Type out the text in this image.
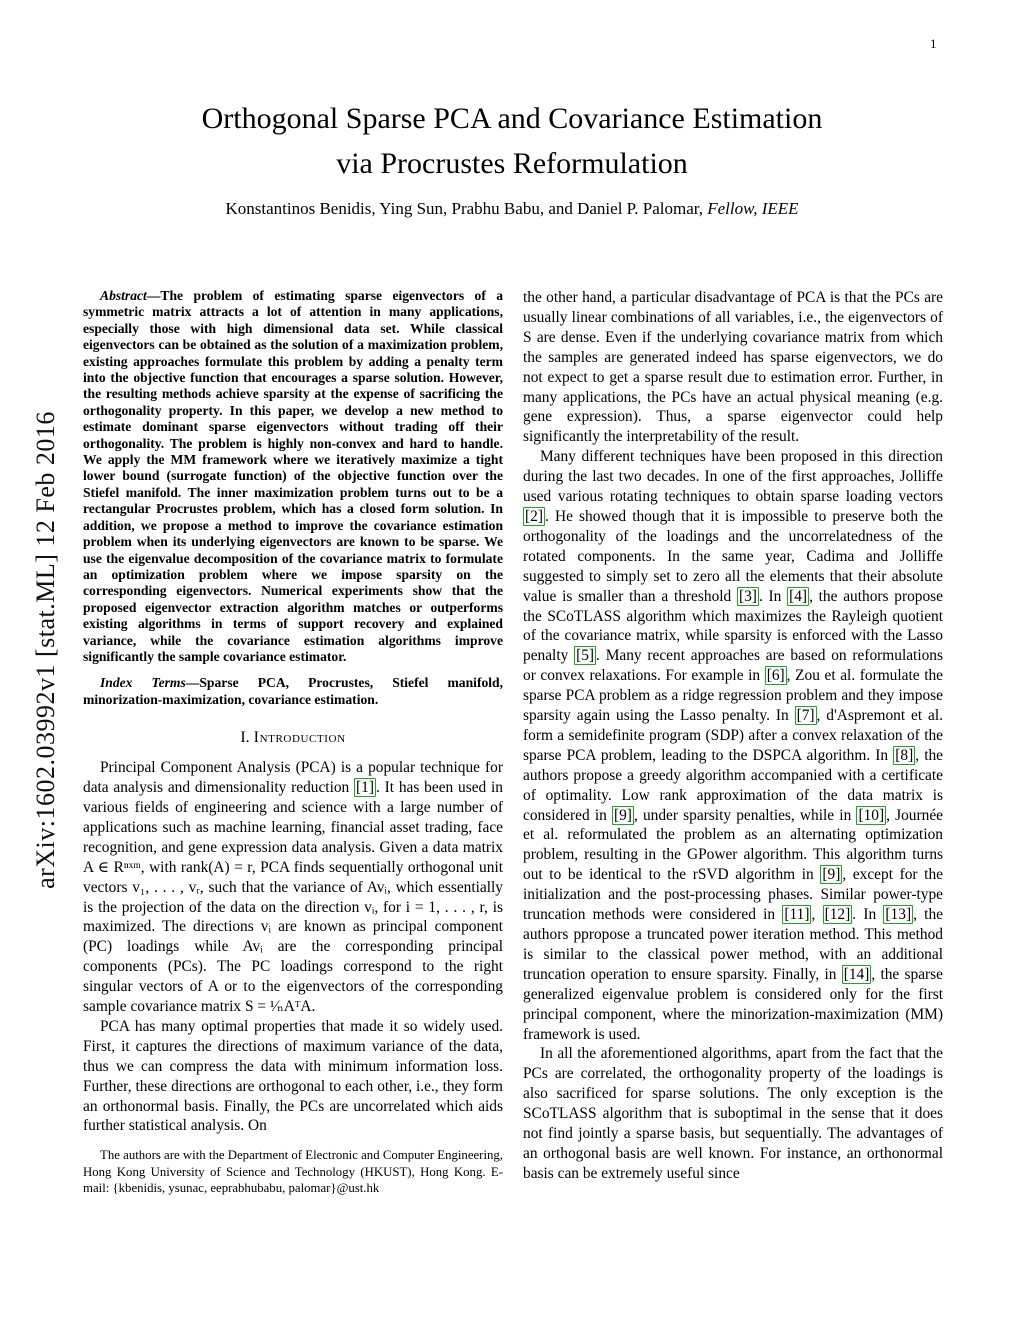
1
arXiv:1602.03992v1 [stat.ML] 12 Feb 2016
Orthogonal Sparse PCA and Covariance Estimation
via Procrustes Reformulation
Konstantinos Benidis, Ying Sun, Prabhu Babu, and Daniel P. Palomar, Fellow, IEEE

Abstract—The problem of estimating sparse eigenvectors of a symmetric matrix attracts a lot of attention in many applications, especially those with high dimensional data set. While classical eigenvectors can be obtained as the solution of a maximization problem, existing approaches formulate this problem by adding a penalty term into the objective function that encourages a sparse solution. However, the resulting methods achieve sparsity at the expense of sacrificing the orthogonality property. In this paper, we develop a new method to estimate dominant sparse eigenvectors without trading off their orthogonality. The problem is highly non-convex and hard to handle. We apply the MM framework where we iteratively maximize a tight lower bound (surrogate function) of the objective function over the Stiefel manifold. The inner maximization problem turns out to be a rectangular Procrustes problem, which has a closed form solution. In addition, we propose a method to improve the covariance estimation problem when its underlying eigenvectors are known to be sparse. We use the eigenvalue decomposition of the covariance matrix to formulate an optimization problem where we impose sparsity on the corresponding eigenvectors. Numerical experiments show that the proposed eigenvector extraction algorithm matches or outperforms existing algorithms in terms of support recovery and explained variance, while the covariance estimation algorithms improve significantly the sample covariance estimator.

Index Terms—Sparse PCA, Procrustes, Stiefel manifold, minorization-maximization, covariance estimation.

I. Introduction

Principal Component Analysis (PCA) is a popular technique for data analysis and dimensionality reduction [1] . It has been used in various fields of engineering and science with a large number of applications such as machine learning, financial asset trading, face recognition, and gene expression data analysis. Given a data matrix A ∈ Rⁿˣᵐ, with rank(A) = r, PCA finds sequentially orthogonal unit vectors v₁, . . . , vᵣ, such that the variance of Avᵢ, which essentially is the projection of the data on the direction vᵢ, for i = 1, . . . , r, is maximized. The directions vᵢ are known as principal component (PC) loadings while Avᵢ are the corresponding principal components (PCs). The PC loadings correspond to the right singular vectors of A or to the eigenvectors of the corresponding sample covariance matrix S = ¹⁄ₙAᵀA.

PCA has many optimal properties that made it so widely used. First, it captures the directions of maximum variance of the data, thus we can compress the data with minimum information loss. Further, these directions are orthogonal to each other, i.e., they form an orthonormal basis. Finally, the PCs are uncorrelated which aids further statistical analysis. On

The authors are with the Department of Electronic and Computer Engineering, Hong Kong University of Science and Technology (HKUST), Hong Kong. E-mail: {kbenidis, ysunac, eeprabhubabu, palomar}@ust.hk

the other hand, a particular disadvantage of PCA is that the PCs are usually linear combinations of all variables, i.e., the eigenvectors of S are dense. Even if the underlying covariance matrix from which the samples are generated indeed has sparse eigenvectors, we do not expect to get a sparse result due to estimation error. Further, in many applications, the PCs have an actual physical meaning (e.g. gene expression). Thus, a sparse eigenvector could help significantly the interpretability of the result.

Many different techniques have been proposed in this direction during the last two decades. In one of the first approaches, Jolliffe used various rotating techniques to obtain sparse loading vectors [2] . He showed though that it is impossible to preserve both the orthogonality of the loadings and the uncorrelatedness of the rotated components. In the same year, Cadima and Jolliffe suggested to simply set to zero all the elements that their absolute value is smaller than a threshold [3] . In [4] , the authors propose the SCoTLASS algorithm which maximizes the Rayleigh quotient of the covariance matrix, while sparsity is enforced with the Lasso penalty [5] . Many recent approaches are based on reformulations or convex relaxations. For example in [6] , Zou et al. formulate the sparse PCA problem as a ridge regression problem and they impose sparsity again using the Lasso penalty. In [7] , d'Aspremont et al. form a semidefinite program (SDP) after a convex relaxation of the sparse PCA problem, leading to the DSPCA algorithm. In [8] , the authors propose a greedy algorithm accompanied with a certificate of optimality. Low rank approximation of the data matrix is considered in [9] , under sparsity penalties, while in [10] , Journée et al. reformulated the problem as an alternating optimization problem, resulting in the GPower algorithm. This algorithm turns out to be identical to the rSVD algorithm in [9] , except for the initialization and the post-processing phases. Similar power-type truncation methods were considered in [11] , [12] . In [13] , the authors ppropose a truncated power iteration method. This method is similar to the classical power method, with an additional truncation operation to ensure sparsity. Finally, in [14] , the sparse generalized eigenvalue problem is considered only for the first principal component, where the minorization-maximization (MM) framework is used.

In all the aforementioned algorithms, apart from the fact that the PCs are correlated, the orthogonality property of the loadings is also sacrificed for sparse solutions. The only exception is the SCoTLASS algorithm that is suboptimal in the sense that it does not find jointly a sparse basis, but sequentially. The advantages of an orthogonal basis are well known. For instance, an orthonormal basis can be extremely useful since
